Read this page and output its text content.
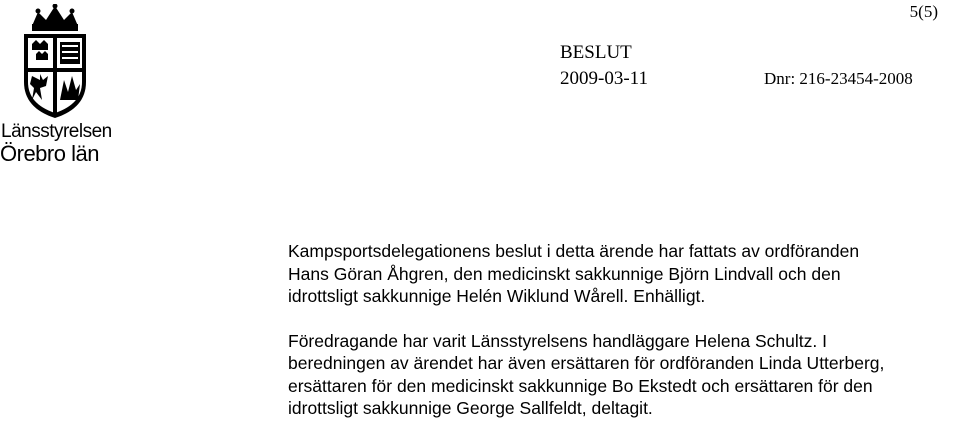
Länsstyrelsen
Örebro län
5(5)
BESLUT
2009-03-11	Dnr: 216-23454-2008

Kampsportsdelegationens beslut i detta ärende har fattats av ordföranden
Hans Göran Åhgren, den medicinskt sakkunnige Björn Lindvall och den
idrottsligt sakkunnige Helén Wiklund Wårell. Enhälligt.

Föredragande har varit Länsstyrelsens handläggare Helena Schultz. I
beredningen av ärendet har även ersättaren för ordföranden Linda Utterberg,
ersättaren för den medicinskt sakkunnige Bo Ekstedt och ersättaren för den
idrottsligt sakkunnige George Sallfeldt, deltagit.
